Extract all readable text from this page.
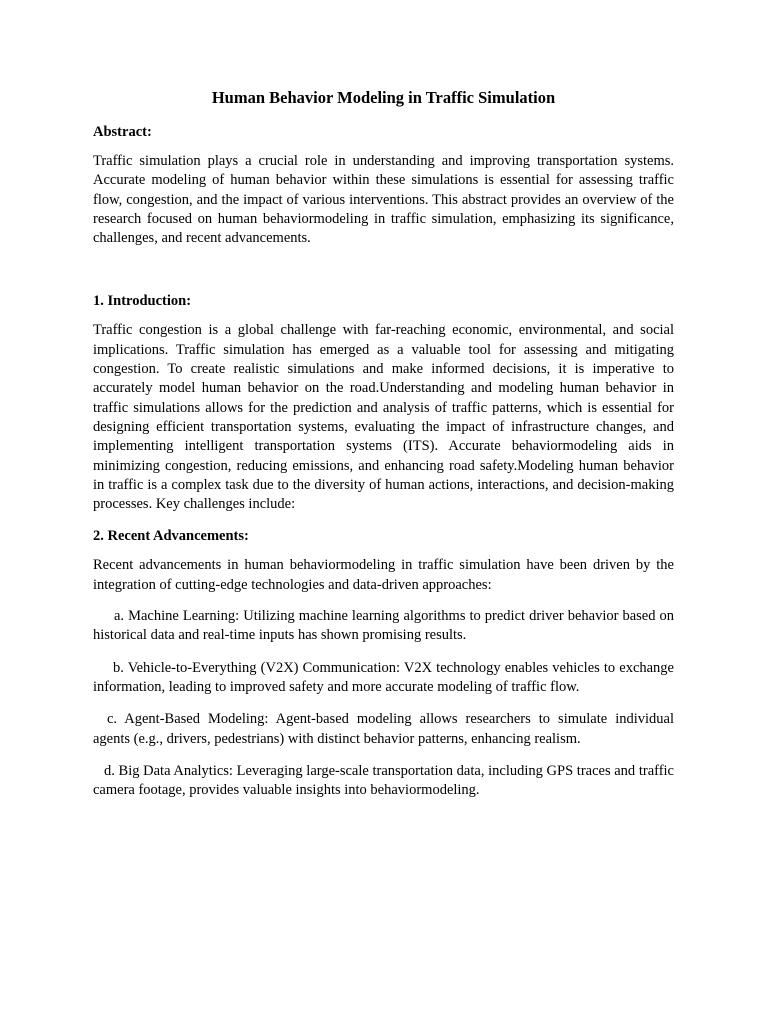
Human Behavior Modeling in Traffic Simulation
Abstract:
Traffic simulation plays a crucial role in understanding and improving transportation systems. Accurate modeling of human behavior within these simulations is essential for assessing traffic flow, congestion, and the impact of various interventions. This abstract provides an overview of the research focused on human behaviormodeling in traffic simulation, emphasizing its significance, challenges, and recent advancements.
1. Introduction:
Traffic congestion is a global challenge with far-reaching economic, environmental, and social implications. Traffic simulation has emerged as a valuable tool for assessing and mitigating congestion. To create realistic simulations and make informed decisions, it is imperative to accurately model human behavior on the road.Understanding and modeling human behavior in traffic simulations allows for the prediction and analysis of traffic patterns, which is essential for designing efficient transportation systems, evaluating the impact of infrastructure changes, and implementing intelligent transportation systems (ITS). Accurate behaviormodeling aids in minimizing congestion, reducing emissions, and enhancing road safety.Modeling human behavior in traffic is a complex task due to the diversity of human actions, interactions, and decision-making processes. Key challenges include:
2. Recent Advancements:
Recent advancements in human behaviormodeling in traffic simulation have been driven by the integration of cutting-edge technologies and data-driven approaches:
a. Machine Learning: Utilizing machine learning algorithms to predict driver behavior based on historical data and real-time inputs has shown promising results.
b. Vehicle-to-Everything (V2X) Communication: V2X technology enables vehicles to exchange information, leading to improved safety and more accurate modeling of traffic flow.
c. Agent-Based Modeling: Agent-based modeling allows researchers to simulate individual agents (e.g., drivers, pedestrians) with distinct behavior patterns, enhancing realism.
d. Big Data Analytics: Leveraging large-scale transportation data, including GPS traces and traffic camera footage, provides valuable insights into behaviormodeling.
